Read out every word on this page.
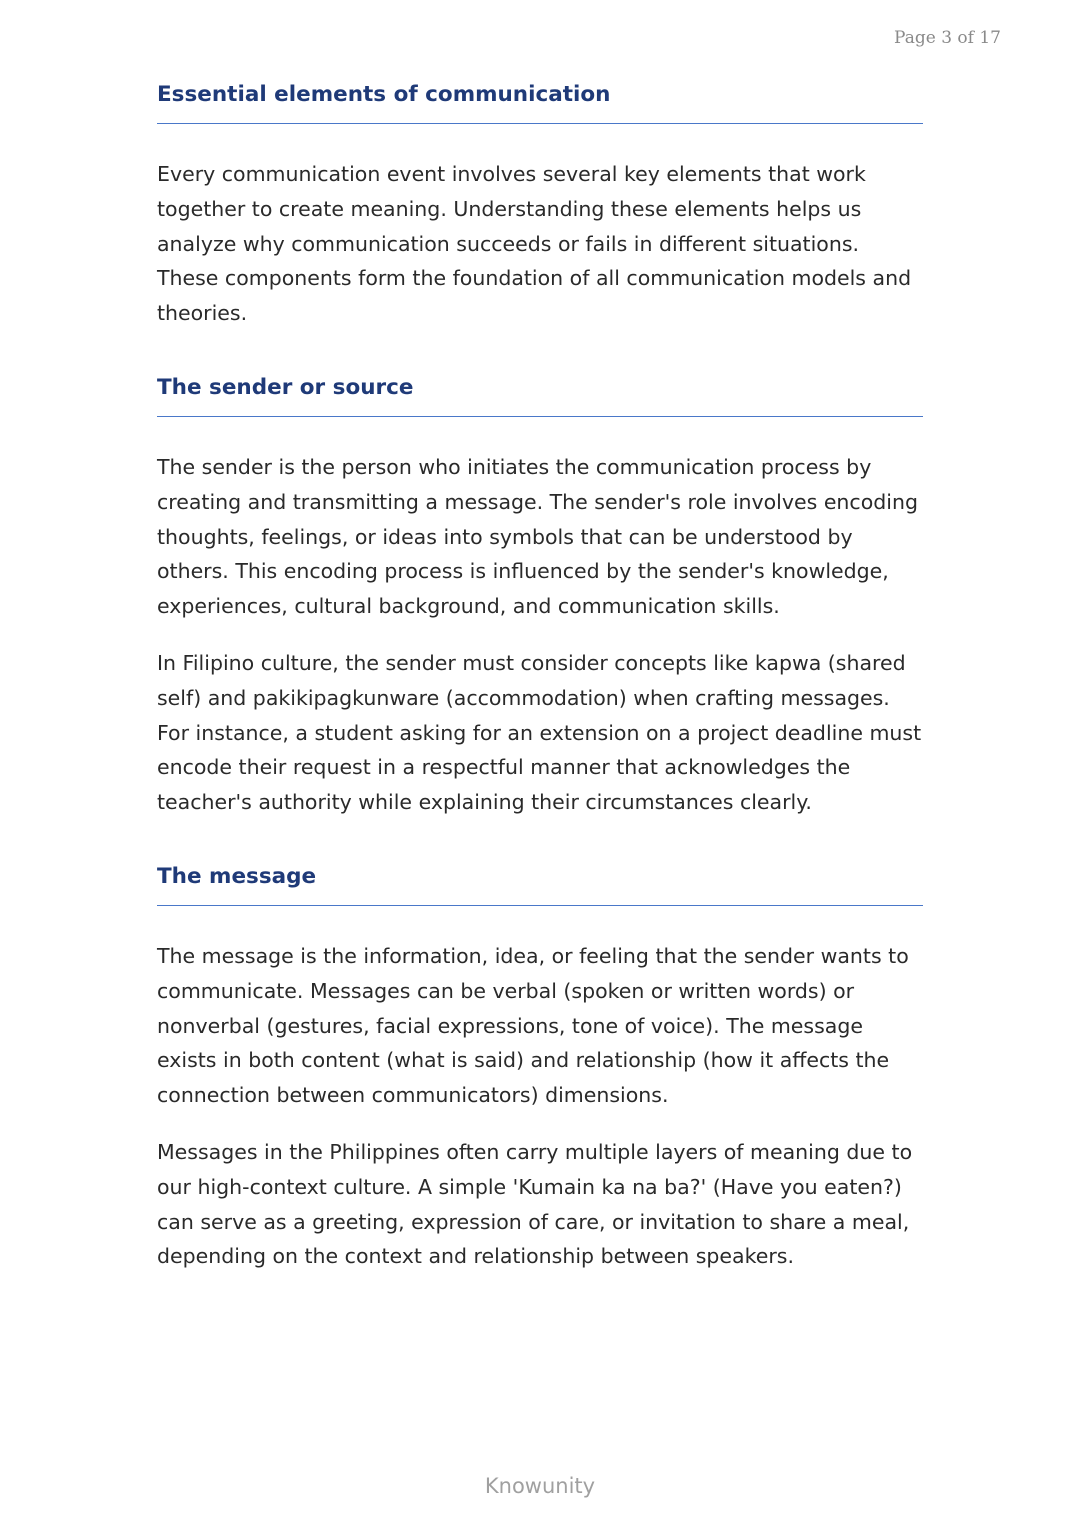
Page 3 of 17
Essential elements of communication

Every communication event involves several key elements that work together to create meaning. Understanding these elements helps us analyze why communication succeeds or fails in different situations. These components form the foundation of all communication models and theories.

The sender or source

The sender is the person who initiates the communication process by creating and transmitting a message. The sender's role involves encoding thoughts, feelings, or ideas into symbols that can be understood by others. This encoding process is influenced by the sender's knowledge, experiences, cultural background, and communication skills.

In Filipino culture, the sender must consider concepts like kapwa (shared self) and pakikipagkunware (accommodation) when crafting messages. For instance, a student asking for an extension on a project deadline must encode their request in a respectful manner that acknowledges the teacher's authority while explaining their circumstances clearly.

The message

The message is the information, idea, or feeling that the sender wants to communicate. Messages can be verbal (spoken or written words) or nonverbal (gestures, facial expressions, tone of voice). The message exists in both content (what is said) and relationship (how it affects the connection between communicators) dimensions.

Messages in the Philippines often carry multiple layers of meaning due to our high-context culture. A simple 'Kumain ka na ba?' (Have you eaten?) can serve as a greeting, expression of care, or invitation to share a meal, depending on the context and relationship between speakers.

Knowunity
